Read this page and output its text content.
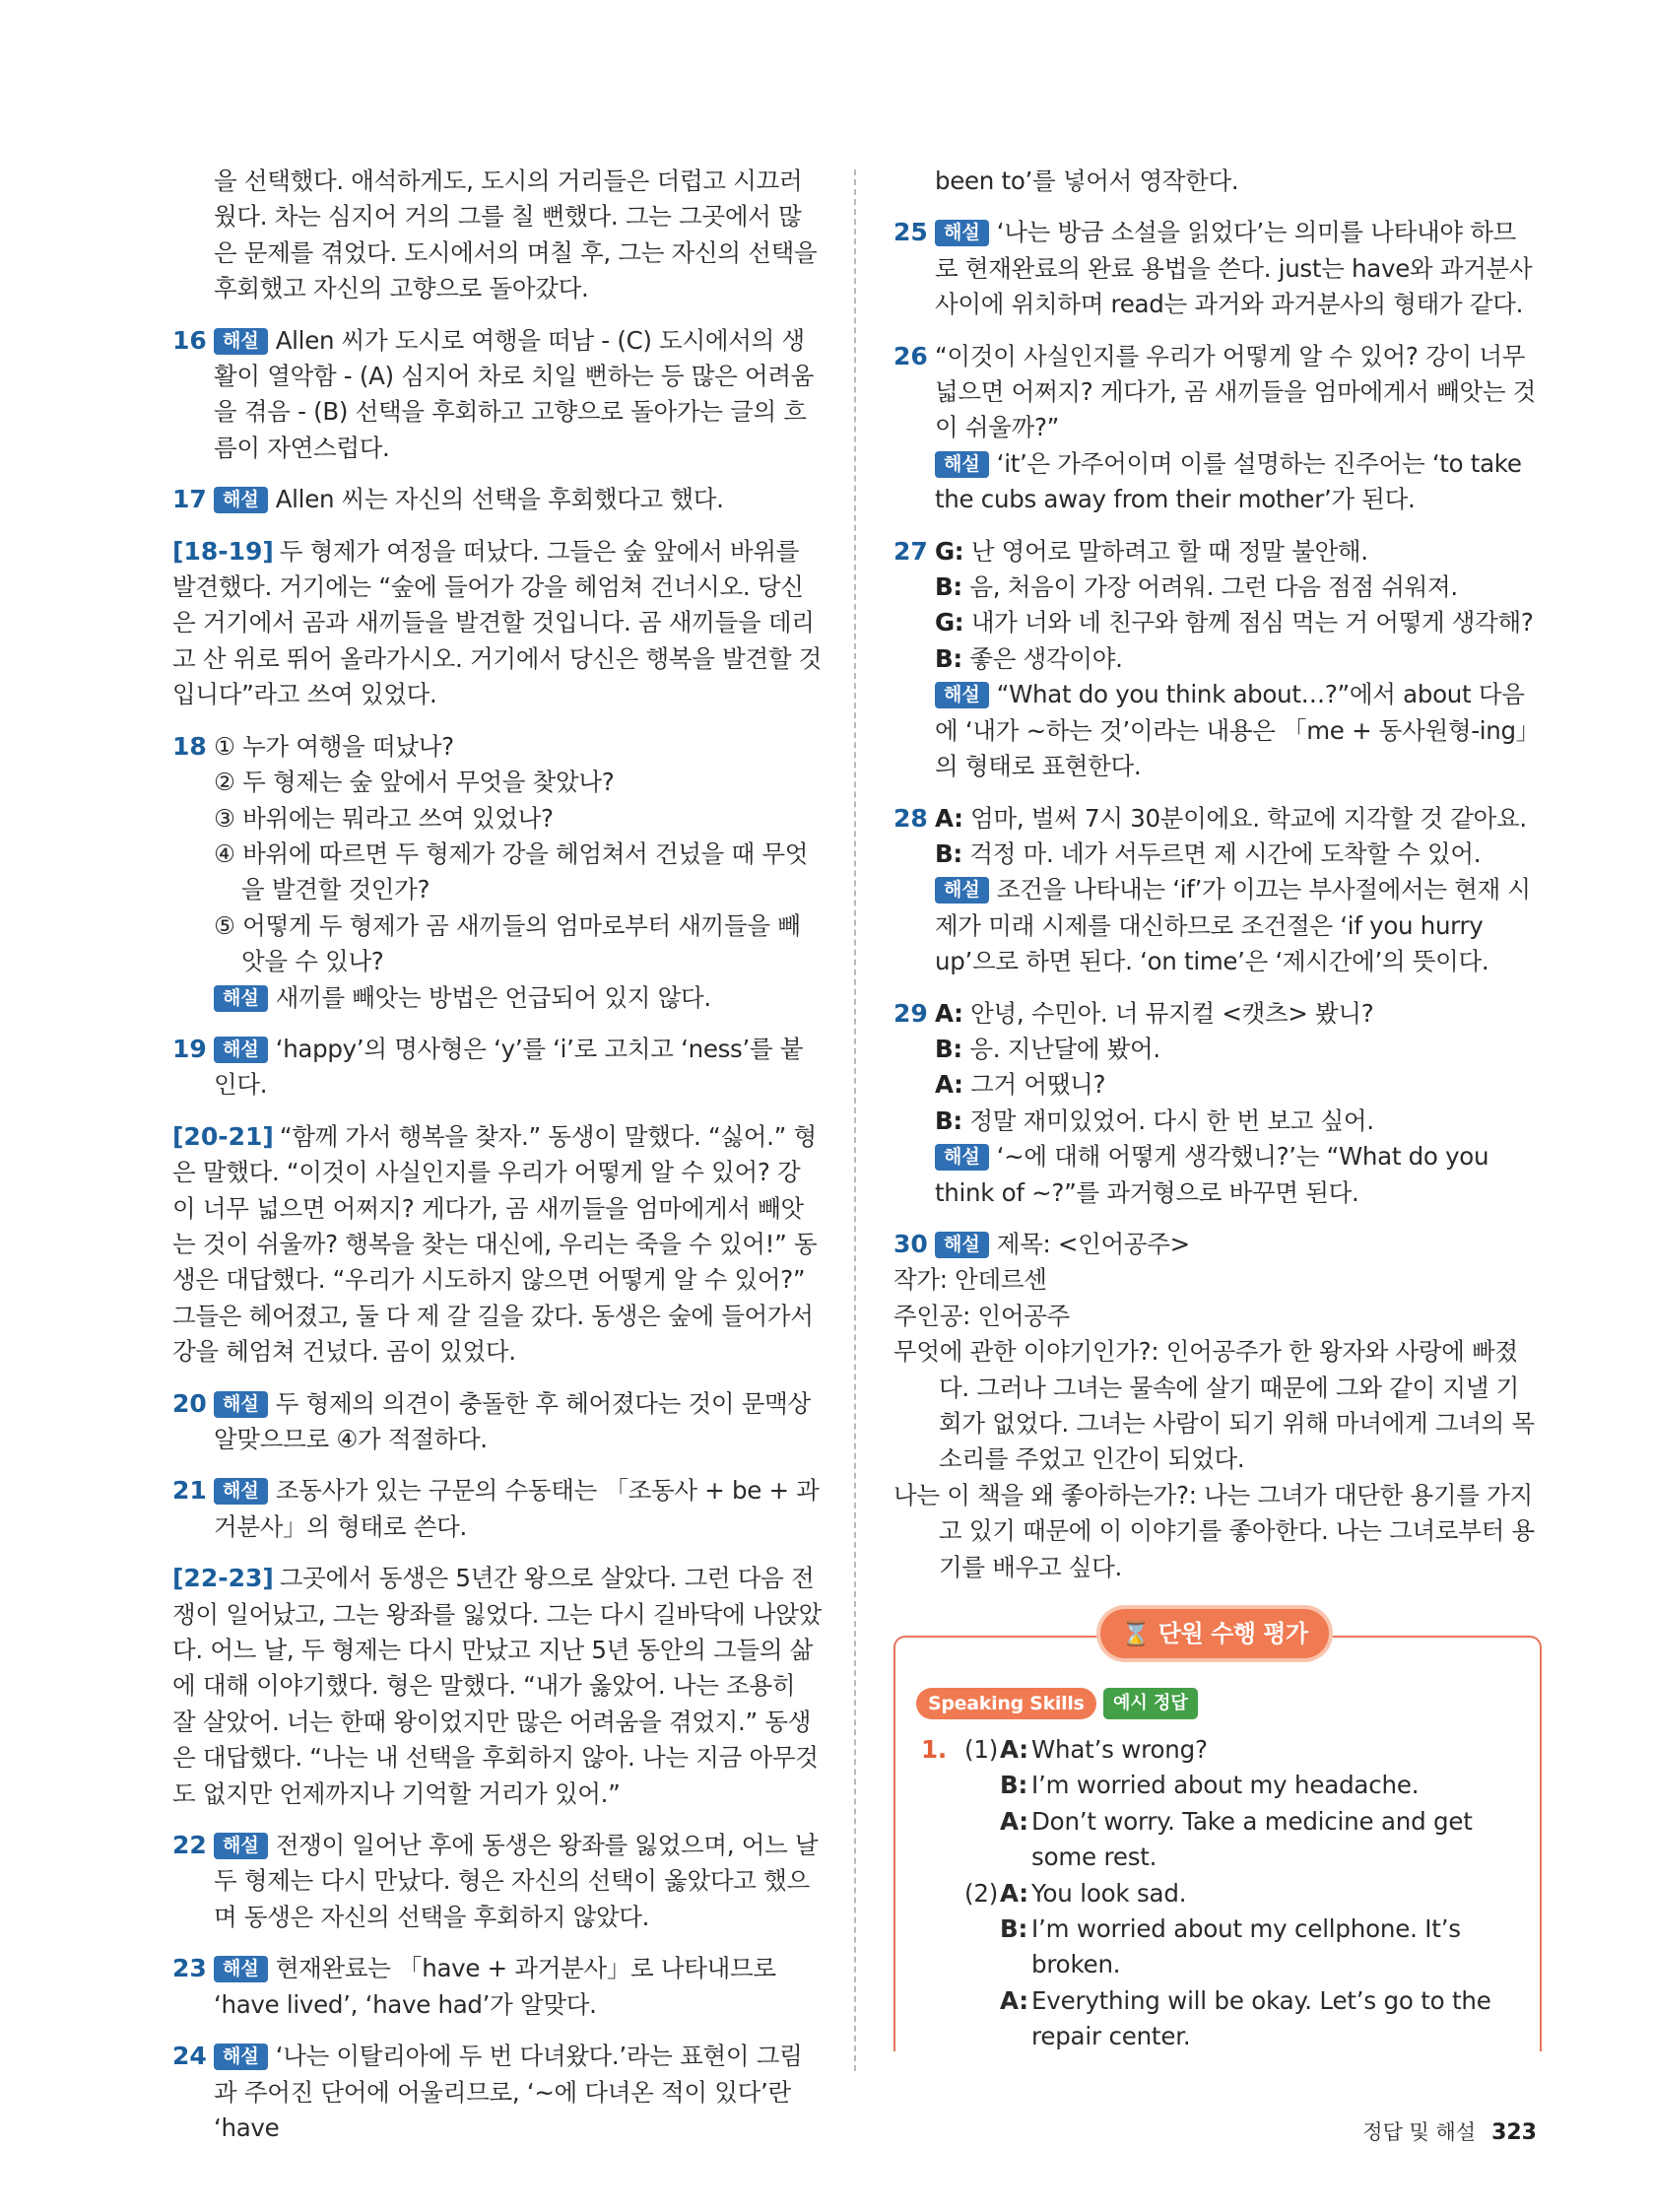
을 선택했다. 애석하게도, 도시의 거리들은 더럽고 시끄러웠다. 차는 심지어 거의 그를 칠 뻔했다. 그는 그곳에서 많은 문제를 겪었다. 도시에서의 며칠 후, 그는 자신의 선택을 후회했고 자신의 고향으로 돌아갔다.
16 해설 Allen 씨가 도시로 여행을 떠남 - (C) 도시에서의 생활이 열악함 - (A) 심지어 차로 치일 뻔하는 등 많은 어려움을 겪음 - (B) 선택을 후회하고 고향으로 돌아가는 글의 흐름이 자연스럽다.
17 해설 Allen 씨는 자신의 선택을 후회했다고 했다.
[18-19] 두 형제가 여정을 떠났다. 그들은 숲 앞에서 바위를 발견했다. 거기에는 “숲에 들어가 강을 헤엄쳐 건너시오. 당신은 거기에서 곰과 새끼들을 발견할 것입니다. 곰 새끼들을 데리고 산 위로 뛰어 올라가시오. 거기에서 당신은 행복을 발견할 것입니다”라고 쓰여 있었다.
18 ① 누가 여행을 떠났나?
② 두 형제는 숲 앞에서 무엇을 찾았나?
③ 바위에는 뭐라고 쓰여 있었나?
④ 바위에 따르면 두 형제가 강을 헤엄쳐서 건넜을 때 무엇을 발견할 것인가?
⑤ 어떻게 두 형제가 곰 새끼들의 엄마로부터 새끼들을 빼앗을 수 있나?
해설 새끼를 빼앗는 방법은 언급되어 있지 않다.
19 해설 ‘happy’의 명사형은 ‘y’를 ‘i’로 고치고 ‘ness’를 붙인다.
[20-21] “함께 가서 행복을 찾자.” 동생이 말했다. “싫어.” 형은 말했다. “이것이 사실인지를 우리가 어떻게 알 수 있어? 강이 너무 넓으면 어쩌지? 게다가, 곰 새끼들을 엄마에게서 빼앗는 것이 쉬울까? 행복을 찾는 대신에, 우리는 죽을 수 있어!” 동생은 대답했다. “우리가 시도하지 않으면 어떻게 알 수 있어?” 그들은 헤어졌고, 둘 다 제 갈 길을 갔다. 동생은 숲에 들어가서 강을 헤엄쳐 건넜다. 곰이 있었다.
20 해설 두 형제의 의견이 충돌한 후 헤어졌다는 것이 문맥상 알맞으므로 ④가 적절하다.
21 해설 조동사가 있는 구문의 수동태는 「조동사 + be + 과거분사」의 형태로 쓴다.
[22-23] 그곳에서 동생은 5년간 왕으로 살았다. 그런 다음 전쟁이 일어났고, 그는 왕좌를 잃었다. 그는 다시 길바닥에 나앉았다. 어느 날, 두 형제는 다시 만났고 지난 5년 동안의 그들의 삶에 대해 이야기했다. 형은 말했다. “내가 옳았어. 나는 조용히 잘 살았어. 너는 한때 왕이었지만 많은 어려움을 겪었지.” 동생은 대답했다. “나는 내 선택을 후회하지 않아. 나는 지금 아무것도 없지만 언제까지나 기억할 거리가 있어.”
22 해설 전쟁이 일어난 후에 동생은 왕좌를 잃었으며, 어느 날 두 형제는 다시 만났다. 형은 자신의 선택이 옳았다고 했으며 동생은 자신의 선택을 후회하지 않았다.
23 해설 현재완료는 「have + 과거분사」로 나타내므로 ‘have lived’, ‘have had’가 알맞다.
24 해설 ‘나는 이탈리아에 두 번 다녀왔다.’라는 표현이 그림과 주어진 단어에 어울리므로, ‘~에 다녀온 적이 있다’란 ‘have
been to’를 넣어서 영작한다.
25 해설 ‘나는 방금 소설을 읽었다’는 의미를 나타내야 하므로 현재완료의 완료 용법을 쓴다. just는 have와 과거분사 사이에 위치하며 read는 과거와 과거분사의 형태가 같다.
26 “이것이 사실인지를 우리가 어떻게 알 수 있어? 강이 너무 넓으면 어쩌지? 게다가, 곰 새끼들을 엄마에게서 빼앗는 것이 쉬울까?”
해설 ‘it’은 가주어이며 이를 설명하는 진주어는 ‘to take the cubs away from their mother’가 된다.
27 G: 난 영어로 말하려고 할 때 정말 불안해.
B: 음, 처음이 가장 어려워. 그런 다음 점점 쉬워져.
G: 내가 너와 네 친구와 함께 점심 먹는 거 어떻게 생각해?
B: 좋은 생각이야.
해설 “What do you think about…?”에서 about 다음에 ‘내가 ~하는 것’이라는 내용은 「me + 동사원형-ing」의 형태로 표현한다.
28 A: 엄마, 벌써 7시 30분이에요. 학교에 지각할 것 같아요.
B: 걱정 마. 네가 서두르면 제 시간에 도착할 수 있어.
해설 조건을 나타내는 ‘if’가 이끄는 부사절에서는 현재 시제가 미래 시제를 대신하므로 조건절은 ‘if you hurry up’으로 하면 된다. ‘on time’은 ‘제시간에’의 뜻이다.
29 A: 안녕, 수민아. 너 뮤지컬 <캣츠> 봤니?
B: 응. 지난달에 봤어.
A: 그거 어땠니?
B: 정말 재미있었어. 다시 한 번 보고 싶어.
해설 ‘~에 대해 어떻게 생각했니?’는 “What do you think of ~?”를 과거형으로 바꾸면 된다.
30 해설 제목: <인어공주>
작가: 안데르센
주인공: 인어공주
무엇에 관한 이야기인가?: 인어공주가 한 왕자와 사랑에 빠졌다. 그러나 그녀는 물속에 살기 때문에 그와 같이 지낼 기회가 없었다. 그녀는 사람이 되기 위해 마녀에게 그녀의 목소리를 주었고 인간이 되었다.
나는 이 책을 왜 좋아하는가?: 나는 그녀가 대단한 용기를 가지고 있기 때문에 이 이야기를 좋아한다. 나는 그녀로부터 용기를 배우고 싶다.
⌛ 단원 수행 평가
Speaking Skills	예시 정답
1. (1) A: What’s wrong?
B: I’m worried about my headache.
A: Don’t worry. Take a medicine and get some rest.
(2) A: You look sad.
B: I’m worried about my cellphone. It’s broken.
A: Everything will be okay. Let’s go to the repair center.
정답 및 해설 323
